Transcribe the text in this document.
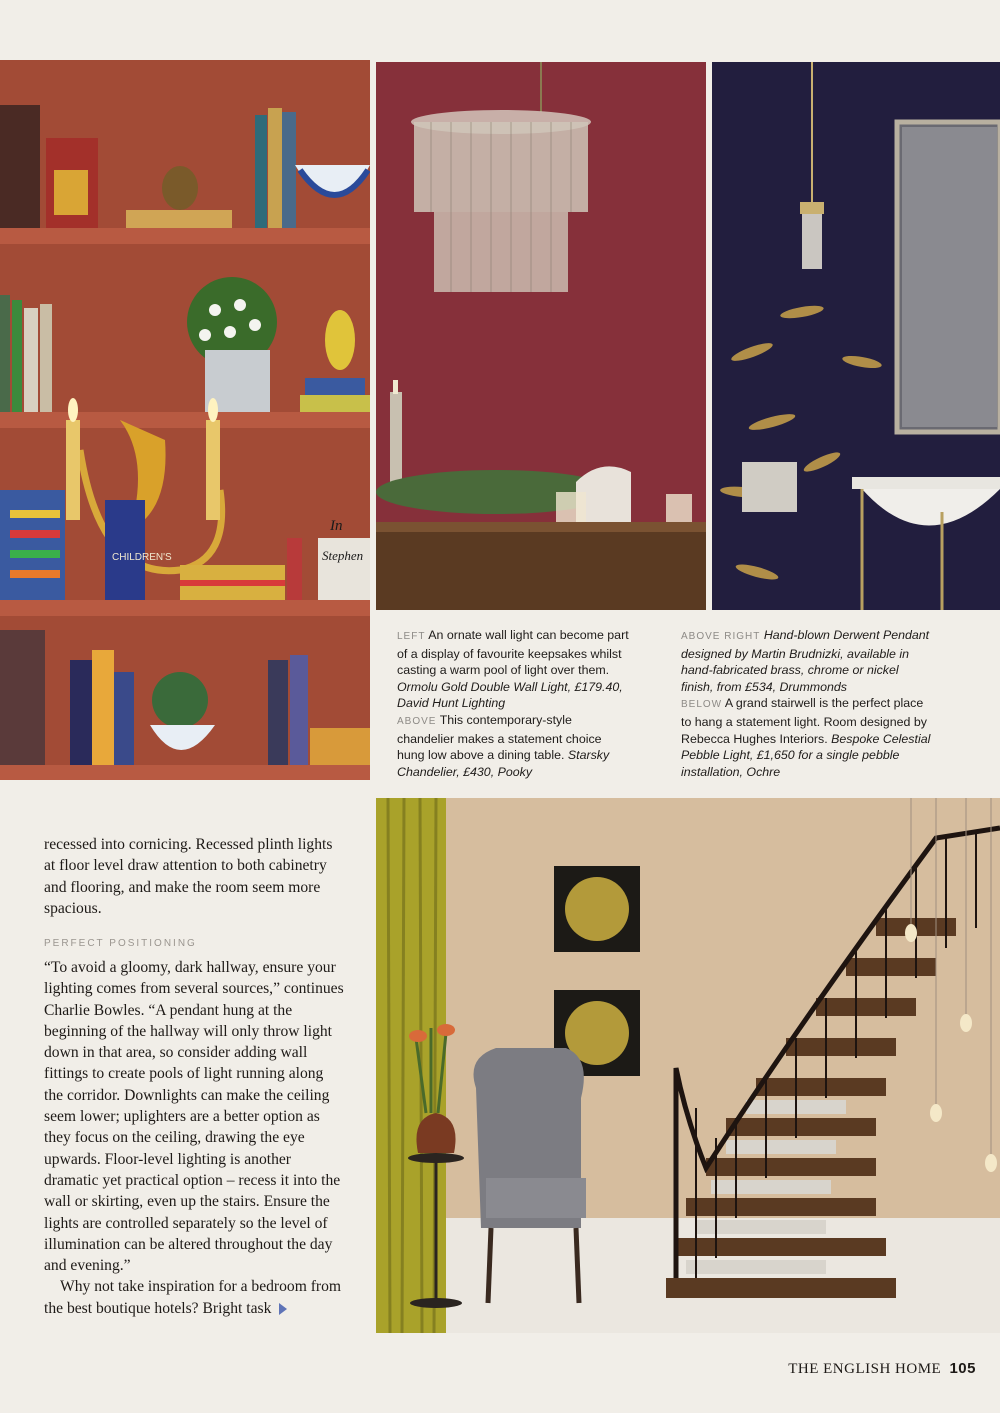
CHILDREN'S	Stephen
In
LEFT An ornate wall light can become part of a display of favourite keepsakes whilst casting a warm pool of light over them. Ormolu Gold Double Wall Light, £179.40, David Hunt Lighting
ABOVE This contemporary-style chandelier makes a statement choice hung low above a dining table. Starsky Chandelier, £430, Pooky
ABOVE RIGHT Hand-blown Derwent Pendant designed by Martin Brudnizki, available in hand-fabricated brass, chrome or nickel finish, from £534, Drummonds
BELOW A grand stairwell is the perfect place to hang a statement light. Room designed by Rebecca Hughes Interiors. Bespoke Celestial Pebble Light, £1,650 for a single pebble installation, Ochre

recessed into cornicing. Recessed plinth lights at floor level draw attention to both cabinetry and flooring, and make the room seem more spacious.

PERFECT POSITIONING

“To avoid a gloomy, dark hallway, ensure your lighting comes from several sources,” continues Charlie Bowles. “A pendant hung at the beginning of the hallway will only throw light down in that area, so consider adding wall fittings to create pools of light running along the corridor. Downlights can make the ceiling seem lower; uplighters are a better option as they focus on the ceiling, drawing the eye upwards. Floor-level lighting is another dramatic yet practical option – recess it into the wall or skirting, even up the stairs. Ensure the lights are controlled separately so the level of illumination can be altered throughout the day and evening.”

Why not take inspiration for a bedroom from the best boutique hotels? Bright task

THE ENGLISH HOME 105
